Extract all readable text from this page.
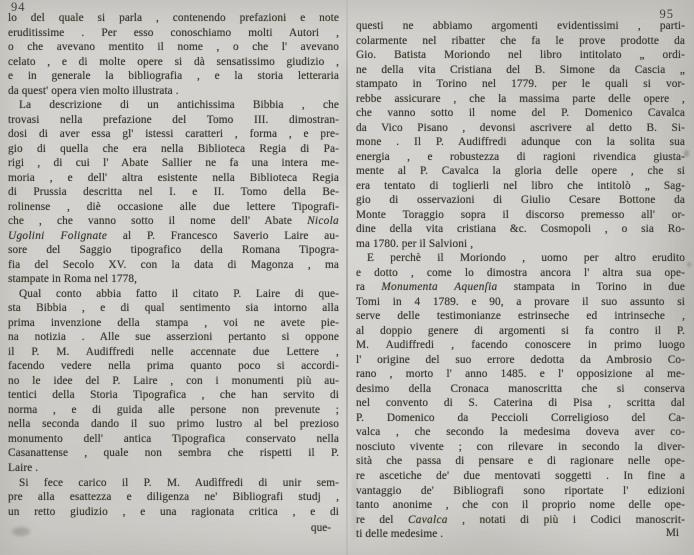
94
lo del quale si parla , contenendo prefazioni e note
eruditissime . Per esso conoschiamo molti Autori ,
o che avevano mentito il nome , o che l' avevano
celato , e di molte opere si dà sensatissimo giudizio ,
e in generale la bibliografia , e la storia letteraria
da quest' opera vien molto illustrata .
La descrizione di un antichissima Bibbia , che
trovasi nella prefazione del Tomo III. dimostran-
dosi di aver essa gl' istessi caratteri , forma , e pre-
gio di quella che era nella Biblioteca Regia di Pa-
rigi , di cui l' Abate Sallier ne fa una intera me-
moria , e dell' altra esistente nella Biblioteca Regia
di Prussia descritta nel I. e II. Tomo della Be-
rolinense , diè occasione alle due lettere Tipografi-
che , che vanno sotto il nome dell' Abate Nicola
Ugolini Folignate al P. Francesco Saverio Laire au-
sore del Saggio tipografico della Romana Tipogra-
fia del Secolo XV. con la data di Magonza , ma
stampate in Roma nel 1778,
Qual conto abbia fatto il citato P. Laire di que-
sta Bibbia , e di qual sentimento sia intorno alla
prima invenzione della stampa , voi ne avete pie-
na notizia . Alle sue asserzioni pertanto si oppone
il P. M. Audiffredi nelle accennate due Lettere ,
facendo vedere nella prima quanto poco si accordi-
no le idee del P. Laire , con i monumenti più au-
tentici della Storia Tipografica , che han servito di
norma , e di guida alle persone non prevenute ;
nella seconda dando il suo primo lustro al bel prezioso
monumento dell' antica Tipografica conservato nella
Casanattense , quale non sembra che rispetti il P.
Laire .
Si fece carico il P. M. Audìffredi di unir sem-
pre alla esattezza e diligenza ne' Bibliografi studj ,
un retto giudizio , e una ragionata critica , e di
que-
95
questi ne abbiamo argomenti evidentissimi , parti-
colarmente nel ribatter che fa le prove prodotte da
Gio. Batista Moriondo nel libro intitolato „ ordi-
ne della vita Cristiana del B. Simone da Cascia „
stampato in Torino nel 1779. per le quali si vor-
rebbe assicurare , che la massima parte delle opere ,
che vanno sotto il nome del P. Domenico Cavalca
da Vico Pisano , devonsi ascrivere al detto B. Si-
mone . Il P. Audiffredi adunque con la solita sua
energia , e robustezza di ragioni rivendica giusta-
mente al P. Cavalca la gloria delle opere , che si
era tentato di toglierli nel libro che intitolò „ Sag-
gio di osservazioni di Giulio Cesare Bottone da
Monte Toraggio sopra il discorso premesso all' or-
dine della vita cristiana &c. Cosmopoli , o sia Ro-
ma 1780. per il Salvioni ,
E perchè il Moriondo , uomo per altro erudito
e dotto , come lo dimostra ancora l' altra sua ope-
ra Monumenta Aquenſia stampata in Torino in due
Tomi in 4 1789. e 90, a provare il suo assunto si
serve delle testimonianze estrinseche ed intrinseche ,
al doppio genere di argomenti si fa contro il P.
M. Audiffredi , facendo conoscere in primo luogo
l' origine del suo errore dedotta da Ambrosio Co-
rano , morto l' anno 1485. e l' opposizione al me-
desimo della Cronaca manoscritta che si conserva
nel convento di S. Caterina di Pisa , scritta dal
P. Domenico da Peccioli Correligioso del Ca-
valca , che secondo la medesima doveva aver co-
nosciuto vivente ; con rilevare in secondo la diver-
sità che passa di pensare e di ragionare nelle ope-
re ascetiche de' due mentovati soggetti . In fine a
vantaggio de' Bibliografi sono riportate l' edizioni
tanto anonime , che con il proprio nome delle ope-
re del Cavalca , notati di più i Codici manoscrit-
ti delle medesime .	Mi
